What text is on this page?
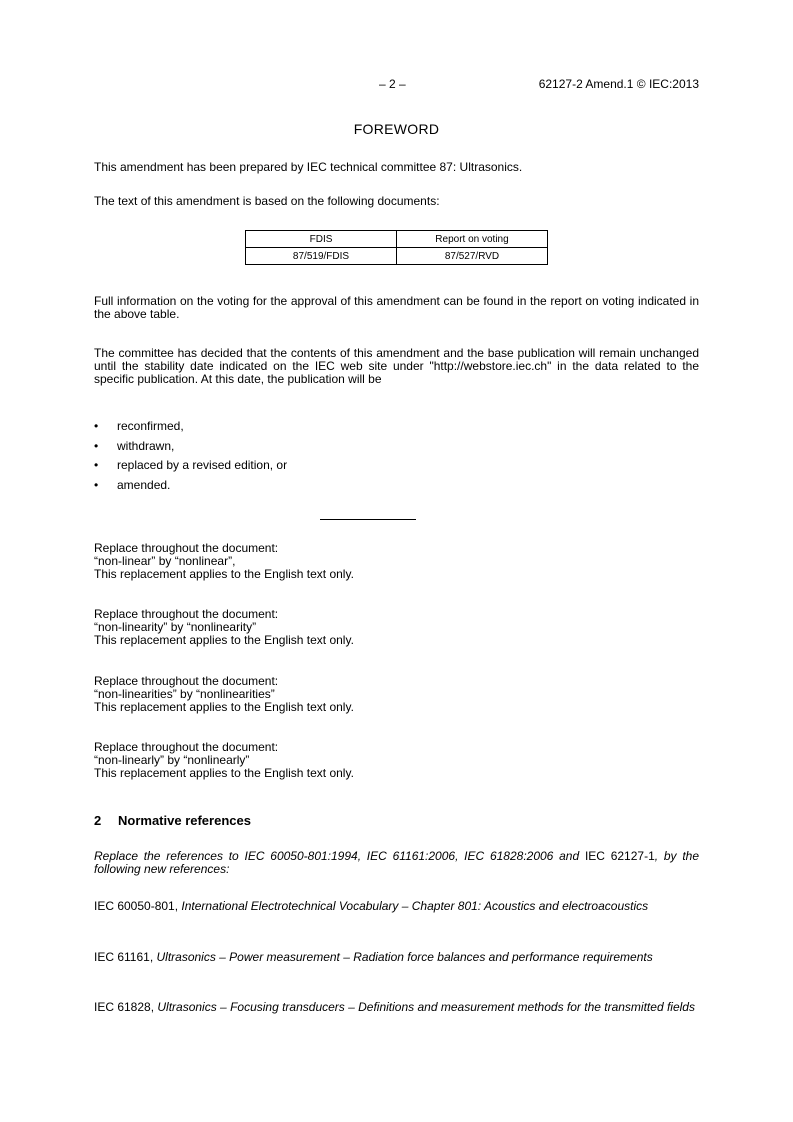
– 2 –	62127-2 Amend.1 © IEC:2013
FOREWORD

This amendment has been prepared by IEC technical committee 87: Ultrasonics.

The text of this amendment is based on the following documents:

FDIS	Report on voting
87/519/FDIS	87/527/RVD

Full information on the voting for the approval of this amendment can be found in the report on voting indicated in the above table.

The committee has decided that the contents of this amendment and the base publication will remain unchanged until the stability date indicated on the IEC web site under "http://webstore.iec.ch" in the data related to the specific publication. At this date, the publication will be

• reconfirmed,
• withdrawn,
• replaced by a revised edition, or
• amended.
Replace throughout the document:
“non-linear” by “nonlinear”,
This replacement applies to the English text only.
Replace throughout the document:
“non-linearity” by “nonlinearity”
This replacement applies to the English text only.
Replace throughout the document:
“non-linearities” by “nonlinearities”
This replacement applies to the English text only.
Replace throughout the document:
“non-linearly” by “nonlinearly”
This replacement applies to the English text only.
2 Normative references

Replace the references to IEC 60050-801:1994, IEC 61161:2006, IEC 61828:2006 and IEC 62127-1, by the following new references:

IEC 60050-801, International Electrotechnical Vocabulary – Chapter 801: Acoustics and electroacoustics

IEC 61161, Ultrasonics – Power measurement – Radiation force balances and performance requirements

IEC 61828, Ultrasonics – Focusing transducers – Definitions and measurement methods for the transmitted fields
